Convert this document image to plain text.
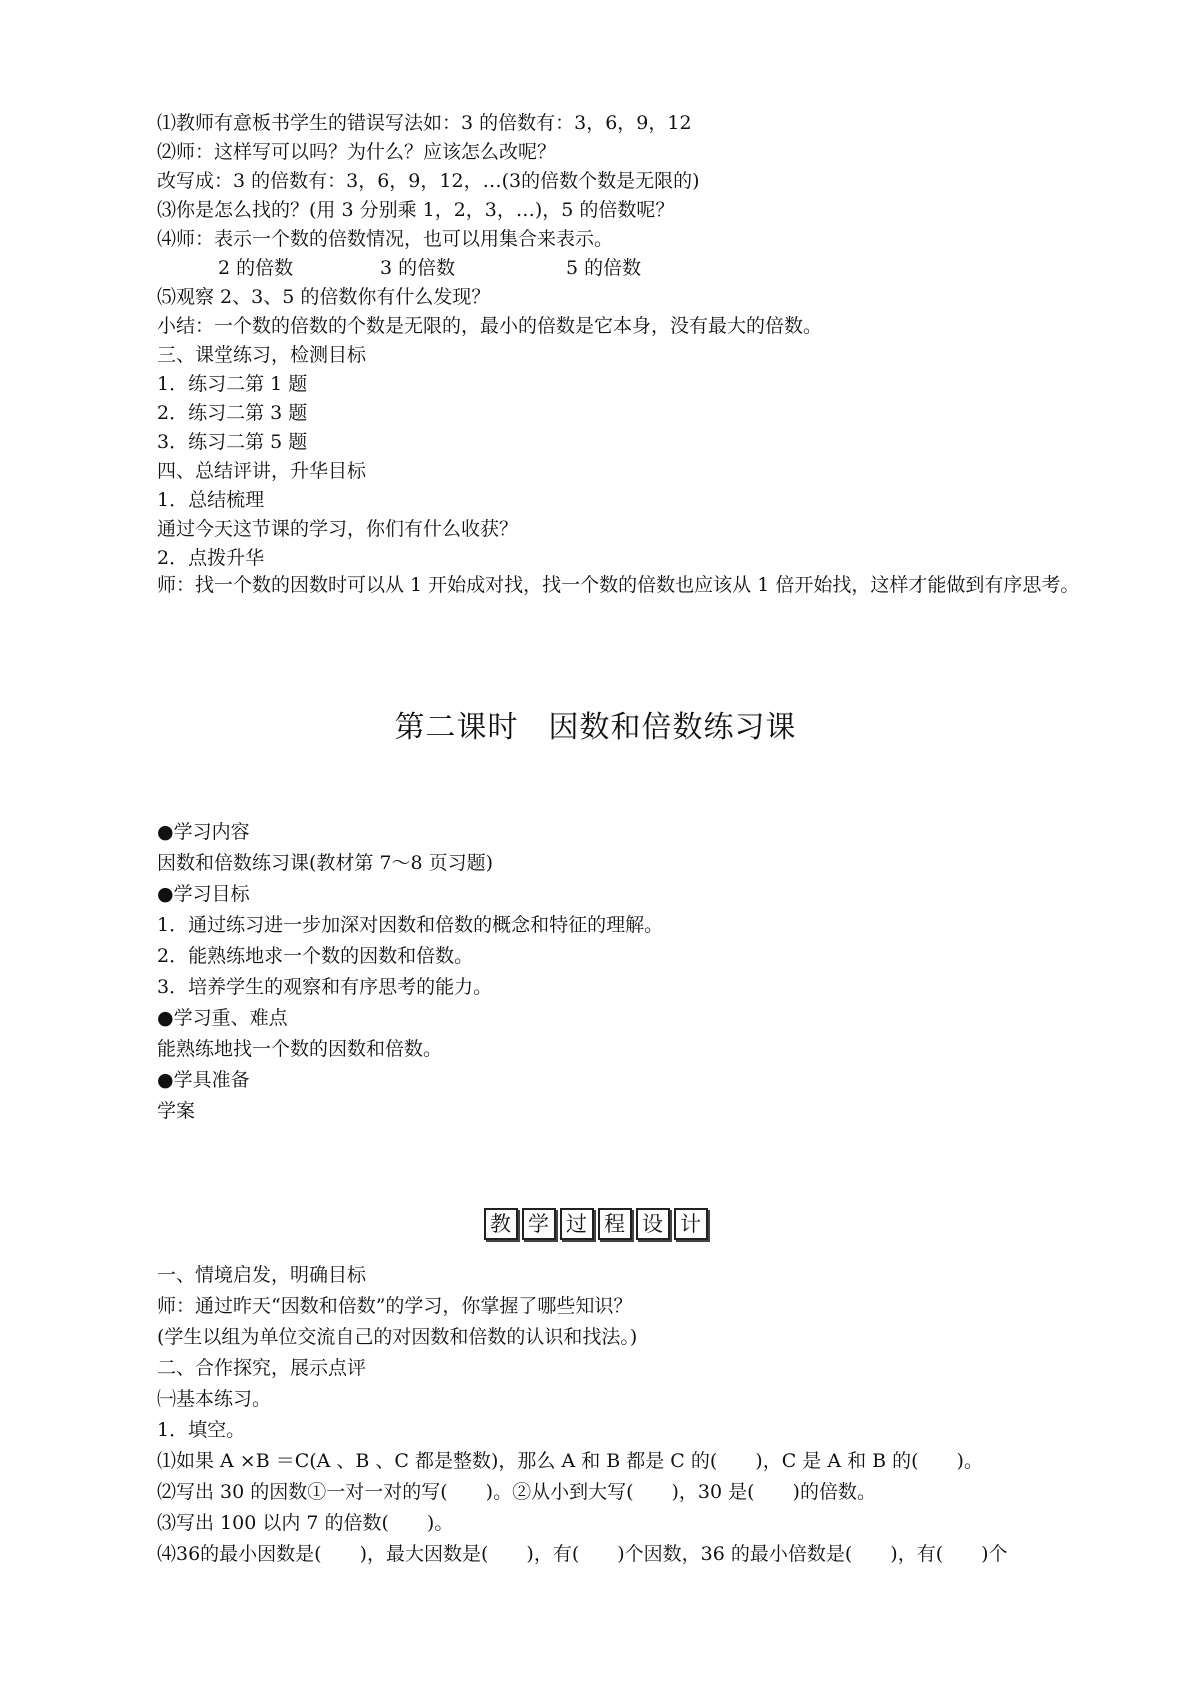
⑴教师有意板书学生的错误写法如：3 的倍数有：3，6，9，12

⑵师：这样写可以吗？为什么？应该怎么改呢？

改写成：3 的倍数有：3，6，9，12，…(3的倍数个数是无限的)

⑶你是怎么找的？(用 3 分别乘 1，2，3，…)，5 的倍数呢？

⑷师：表示一个数的倍数情况，也可以用集合来表示。

2 的倍数	3 的倍数	5 的倍数

⑸观察 2、3、5 的倍数你有什么发现？

小结：一个数的倍数的个数是无限的，最小的倍数是它本身，没有最大的倍数。

三、课堂练习，检测目标

1．练习二第 1 题

2．练习二第 3 题

3．练习二第 5 题

四、总结评讲，升华目标

1．总结梳理

通过今天这节课的学习，你们有什么收获？

2．点拨升华

师：找一个数的因数时可以从 1 开始成对找，找一个数的倍数也应该从 1 倍开始找，这样才能做到有序思考。

第二课时 因数和倍数练习课

●学习内容

因数和倍数练习课(教材第 7～8 页习题)

●学习目标

1．通过练习进一步加深对因数和倍数的概念和特征的理解。

2．能熟练地求一个数的因数和倍数。

3．培养学生的观察和有序思考的能力。

●学习重、难点

能熟练地找一个数的因数和倍数。

●学具准备

学案

教 学 过 程 设 计

一、情境启发，明确目标

师：通过昨天“因数和倍数”的学习，你掌握了哪些知识？

(学生以组为单位交流自己的对因数和倍数的认识和找法。)

二、合作探究，展示点评

㈠基本练习。

1．填空。

⑴如果 A ×B ＝C(A 、B 、C 都是整数)，那么 A 和 B 都是 C 的(　　)，C 是 A 和 B 的(　　)。

⑵写出 30 的因数①一对一对的写(　　)。②从小到大写(　　)，30 是(　　)的倍数。

⑶写出 100 以内 7 的倍数(　　)。

⑷36的最小因数是(　　)，最大因数是(　　)，有(　　)个因数，36 的最小倍数是(　　)，有(　　)个
